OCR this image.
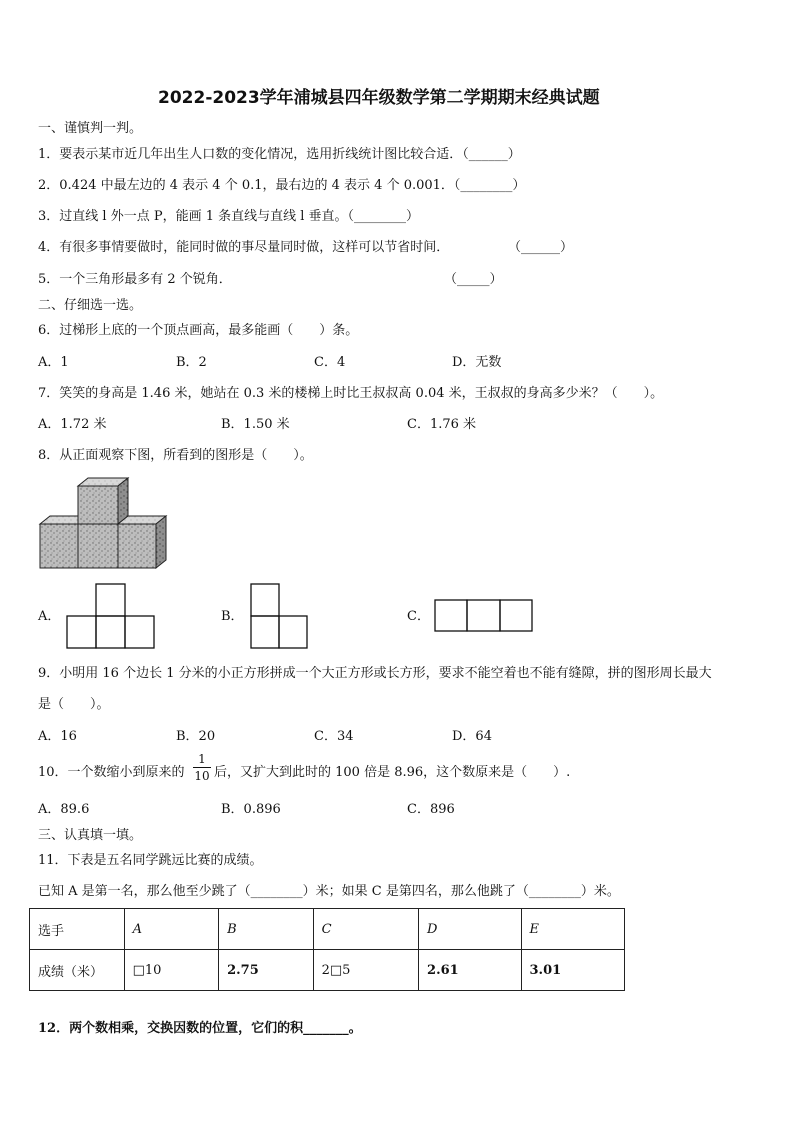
2022-2023学年浦城县四年级数学第二学期期末经典试题
一、谨慎判一判。
1．要表示某市近几年出生人口数的变化情况，选用折线统计图比较合适．（______）
2．0.424 中最左边的 4 表示 4 个 0.1，最右边的 4 表示 4 个 0.001．（________）
3．过直线 l 外一点 P，能画 1 条直线与直线 l 垂直。（________）
4．有很多事情要做时，能同时做的事尽量同时做，这样可以节省时间．	（______）
5．一个三角形最多有 2 个锐角．	（_____）
二、仔细选一选。
6．过梯形上底的一个顶点画高，最多能画（　　）条。
A．1	B．2	C．4	D．无数
7．笑笑的身高是 1.46 米，她站在 0.3 米的楼梯上时比王叔叔高 0.04 米，王叔叔的身高多少米？（　　）。
A．1.72 米	B．1.50 米	C．1.76 米
8．从正面观察下图，所看到的图形是（　　）。
A．	B．	C．
9．小明用 16 个边长 1 分米的小正方形拼成一个大正方形或长方形，要求不能空着也不能有缝隙，拼的图形周长最大
是（　　）。
A．16	B．20	C．34	D．64
10．一个数缩小到原来的
1
10 后，又扩大到此时的 100 倍是 8.96，这个数原来是（　　）.
A．89.6	B．0.896	C．896
三、认真填一填。
11．下表是五名同学跳远比赛的成绩。
已知 A 是第一名，那么他至少跳了（________）米；如果 C 是第四名，那么他跳了（________）米。
选手	A	B	C	D	E
成绩（米）	□10	2.75	2□5	2.61	3.01
12．两个数相乘，交换因数的位置，它们的积_______。
